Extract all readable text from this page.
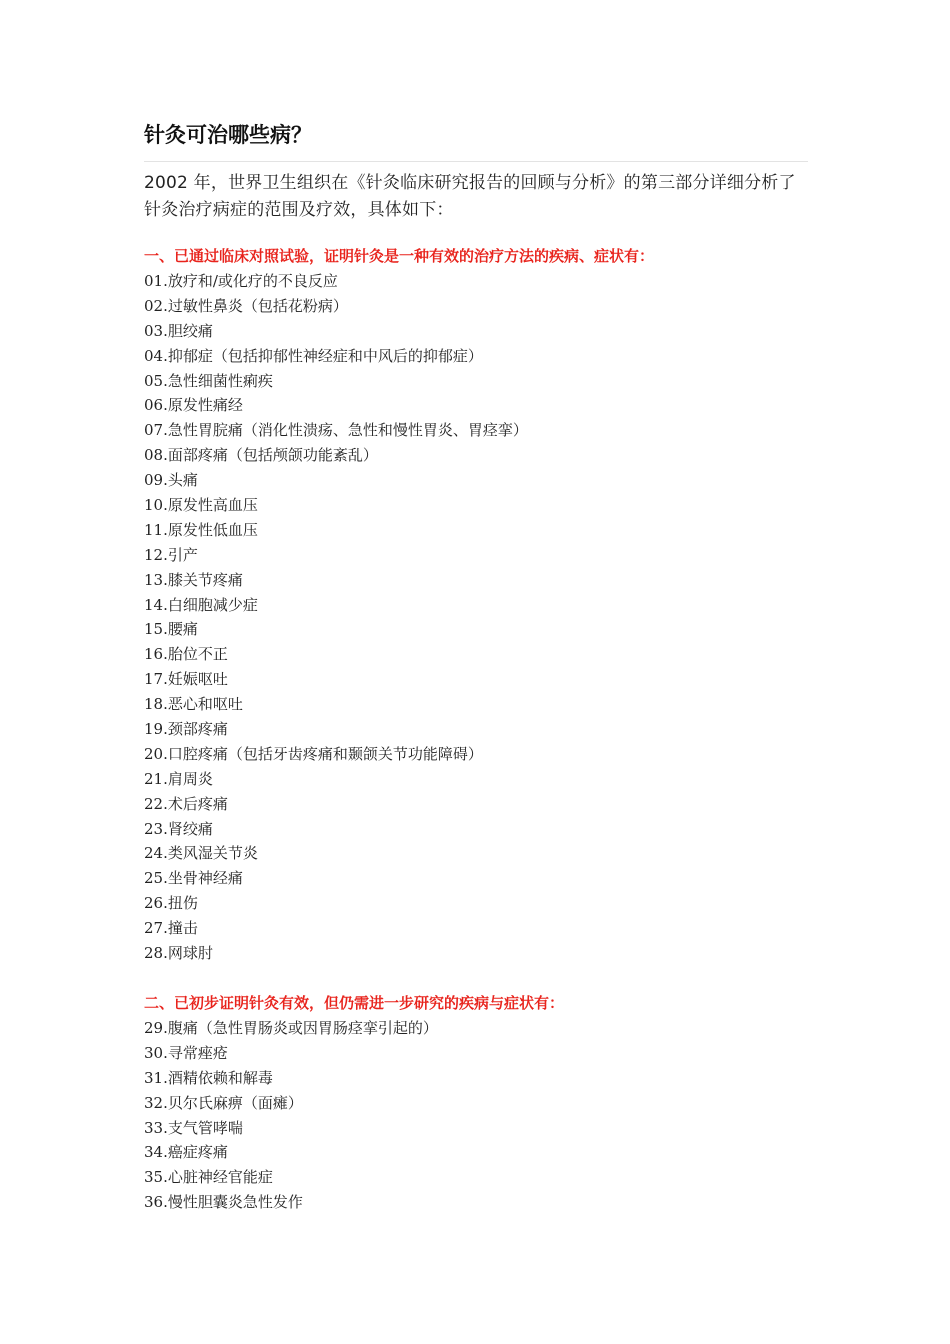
针灸可治哪些病？

2002 年，世界卫生组织在《针灸临床研究报告的回顾与分析》的第三部分详细分析了针灸治疗病症的范围及疗效，具体如下：

一、已通过临床对照试验，证明针灸是一种有效的治疗方法的疾病、症状有：

01.放疗和/或化疗的不良反应
02.过敏性鼻炎（包括花粉病）
03.胆绞痛
04.抑郁症（包括抑郁性神经症和中风后的抑郁症）
05.急性细菌性痢疾
06.原发性痛经
07.急性胃脘痛（消化性溃疡、急性和慢性胃炎、胃痉挛）
08.面部疼痛（包括颅颌功能紊乱）
09.头痛
10.原发性高血压
11.原发性低血压
12.引产
13.膝关节疼痛
14.白细胞减少症
15.腰痛
16.胎位不正
17.妊娠呕吐
18.恶心和呕吐
19.颈部疼痛
20.口腔疼痛（包括牙齿疼痛和颞颌关节功能障碍）
21.肩周炎
22.术后疼痛
23.肾绞痛
24.类风湿关节炎
25.坐骨神经痛
26.扭伤
27.撞击
28.网球肘

二、已初步证明针灸有效，但仍需进一步研究的疾病与症状有：

29.腹痛（急性胃肠炎或因胃肠痉挛引起的）
30.寻常痤疮
31.酒精依赖和解毒
32.贝尔氏麻痹（面瘫）
33.支气管哮喘
34.癌症疼痛
35.心脏神经官能症
36.慢性胆囊炎急性发作
